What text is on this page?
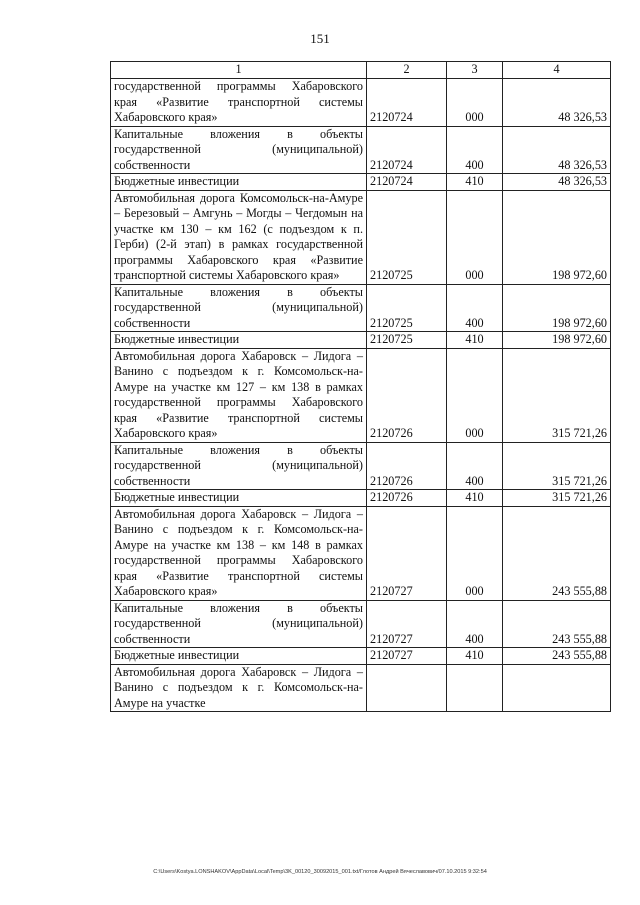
151
1	2	3	4
государственной программы Хабаровского края «Развитие транспортной системы Хабаровского края»	2120724	000	48 326,53
Капитальные вложения в объекты государственной (муниципальной) собственности	2120724	400	48 326,53
Бюджетные инвестиции	2120724	410	48 326,53
Автомобильная дорога Комсомольск-на-Амуре – Березовый – Амгунь – Могды – Чегдомын на участке км 130 – км 162 (с подъездом к п. Герби) (2-й этап) в рамках государственной программы Хабаровского края «Развитие транспортной системы Хабаровского края»	2120725	000	198 972,60
Капитальные вложения в объекты государственной (муниципальной) собственности	2120725	400	198 972,60
Бюджетные инвестиции	2120725	410	198 972,60
Автомобильная дорога Хабаровск – Лидога – Ванино с подъездом к г. Комсомольск-на-Амуре на участке км 127 – км 138 в рамках государственной программы Хабаровского края «Развитие транспортной системы Хабаровского края»	2120726	000	315 721,26
Капитальные вложения в объекты государственной (муниципальной) собственности	2120726	400	315 721,26
Бюджетные инвестиции	2120726	410	315 721,26
Автомобильная дорога Хабаровск – Лидога – Ванино с подъездом к г. Комсомольск-на-Амуре на участке км 138 – км 148 в рамках государственной программы Хабаровского края «Развитие транспортной системы Хабаровского края»	2120727	000	243 555,88
Капитальные вложения в объекты государственной (муниципальной) собственности	2120727	400	243 555,88
Бюджетные инвестиции	2120727	410	243 555,88
Автомобильная дорога Хабаровск – Лидога – Ванино с подъездом к г. Комсомольск-на-Амуре на участке			
C:\Users\Kostya.LONSHAKOV\AppData\Local\Temp\3K_00120_30092015_001.txt/Глотов Андрей Вячеславович/07.10.2015 9:32:54
